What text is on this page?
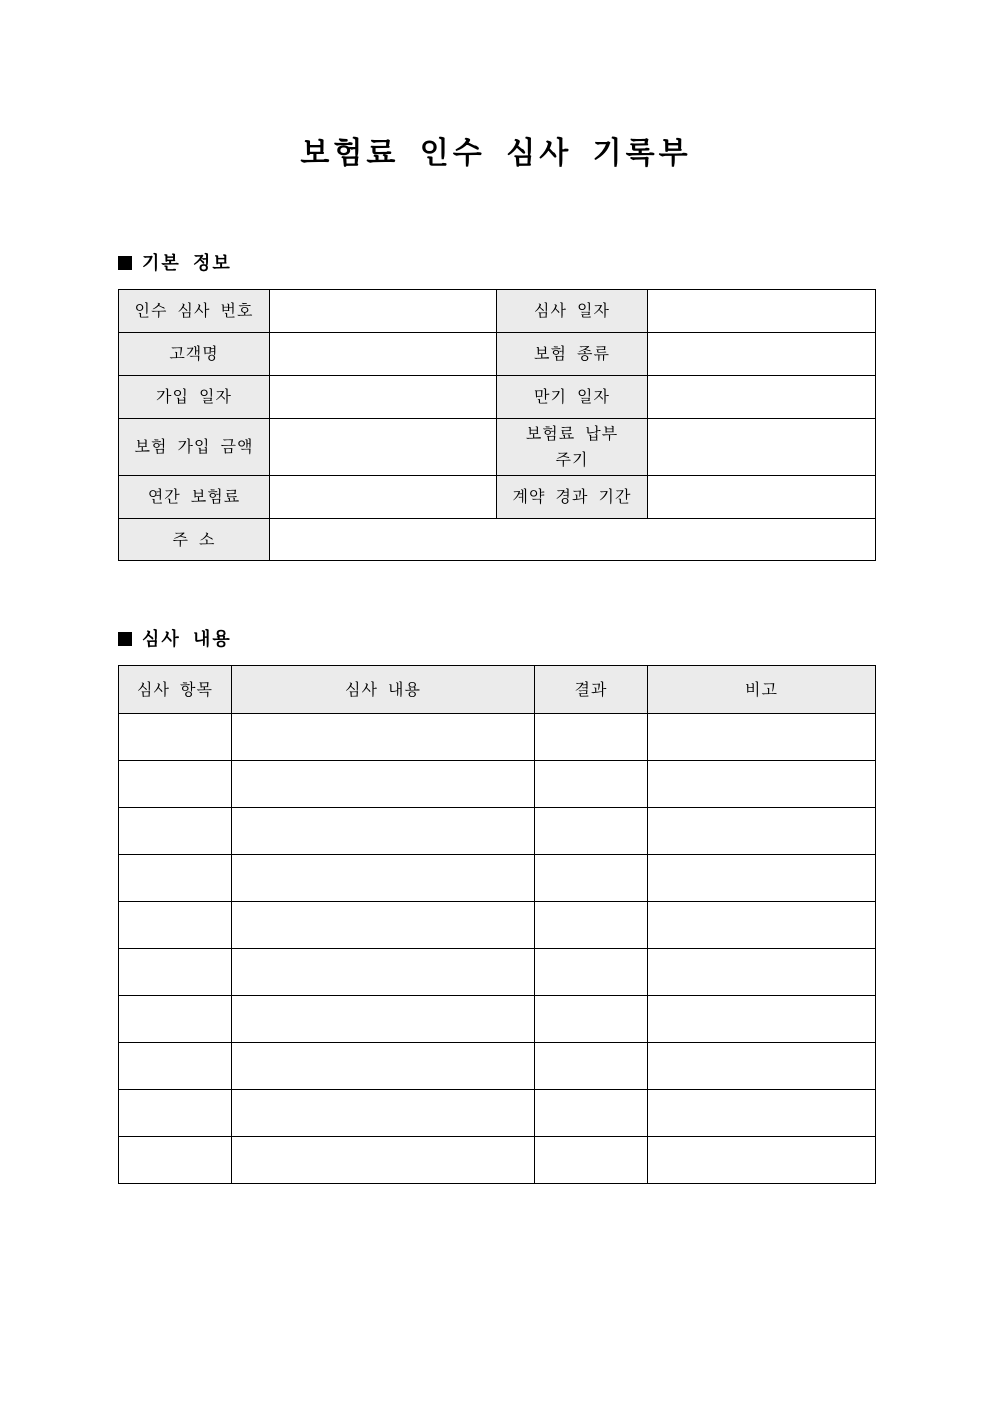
보험료 인수 심사 기록부
기본 정보
인수 심사 번호		심사 일자	
고객명		보험 종류	
가입 일자		만기 일자	
보험 가입 금액		보험료 납부
주기	
연간 보험료		계약 경과 기간	
주 소			
심사 내용
심사 항목	심사 내용	결과	비고
